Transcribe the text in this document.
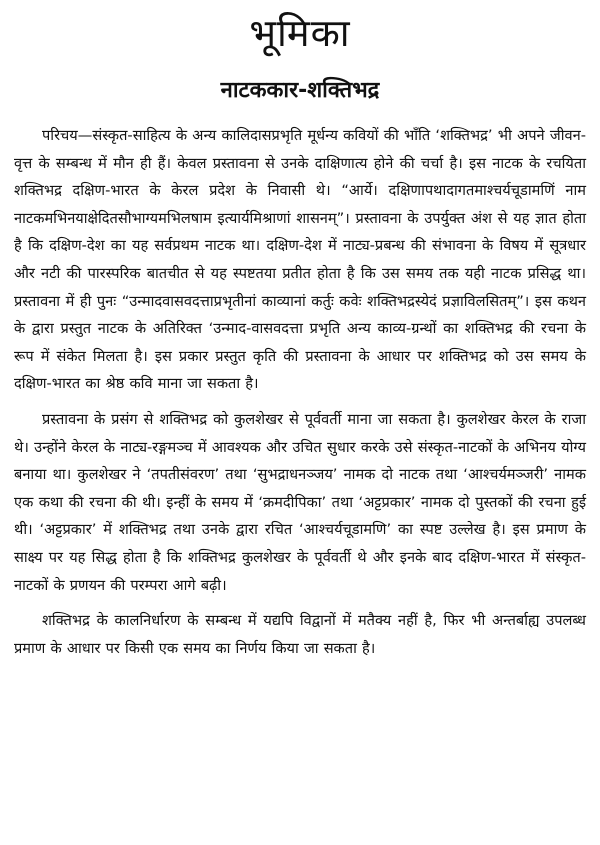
भूमिका
नाटककार-शक्तिभद्र

परिचय—संस्कृत-साहित्य के अन्य कालिदासप्रभृति मूर्धन्य कवियों की भाँति ‘शक्तिभद्र’ भी अपने जीवन-वृत्त के सम्बन्ध में मौन ही हैं। केवल प्रस्तावना से उनके दाक्षिणात्य होने की चर्चा है। इस नाटक के रचयिता शक्तिभद्र दक्षिण-भारत के केरल प्रदेश के निवासी थे। “आर्ये। दक्षिणापथादागतमाश्चर्यचूडामणिं नाम नाटकमभिनयाक्षेदितसौभाग्यमभिलषाम इत्यार्यमिश्राणां शासनम्”। प्रस्तावना के उपर्युक्त अंश से यह ज्ञात होता है कि दक्षिण-देश का यह सर्वप्रथम नाटक था। दक्षिण-देश में नाट्य-प्रबन्ध की संभावना के विषय में सूत्रधार और नटी की पारस्परिक बातचीत से यह स्पष्टतया प्रतीत होता है कि उस समय तक यही नाटक प्रसिद्ध था। प्रस्तावना में ही पुनः “उन्मादवासवदत्ताप्रभृतीनां काव्यानां कर्तुः कवेः शक्तिभद्रस्येदं प्रज्ञाविलसितम्”। इस कथन के द्वारा प्रस्तुत नाटक के अतिरिक्त ‘उन्माद-वासवदत्ता प्रभृति अन्य काव्य-ग्रन्थों का शक्तिभद्र की रचना के रूप में संकेत मिलता है। इस प्रकार प्रस्तुत कृति की प्रस्तावना के आधार पर शक्तिभद्र को उस समय के दक्षिण-भारत का श्रेष्ठ कवि माना जा सकता है।

प्रस्तावना के प्रसंग से शक्तिभद्र को कुलशेखर से पूर्ववर्ती माना जा सकता है। कुलशेखर केरल के राजा थे। उन्होंने केरल के नाट्य-रङ्गमञ्च में आवश्यक और उचित सुधार करके उसे संस्कृत-नाटकों के अभिनय योग्य बनाया था। कुलशेखर ने ‘तपतीसंवरण’ तथा ‘सुभद्राधनञ्जय’ नामक दो नाटक तथा ‘आश्चर्यमञ्जरी’ नामक एक कथा की रचना की थी। इन्हीं के समय में ‘क्रमदीपिका’ तथा ‘अट्टप्रकार’ नामक दो पुस्तकों की रचना हुई थी। ‘अट्टप्रकार’ में शक्तिभद्र तथा उनके द्वारा रचित ‘आश्चर्यचूडामणि’ का स्पष्ट उल्लेख है। इस प्रमाण के साक्ष्य पर यह सिद्ध होता है कि शक्तिभद्र कुलशेखर के पूर्ववर्ती थे और इनके बाद दक्षिण-भारत में संस्कृत-नाटकों के प्रणयन की परम्परा आगे बढ़ी।

शक्तिभद्र के कालनिर्धारण के सम्बन्ध में यद्यपि विद्वानों में मतैक्य नहीं है, फिर भी अन्तर्बाह्य उपलब्ध प्रमाण के आधार पर किसी एक समय का निर्णय किया जा सकता है।
